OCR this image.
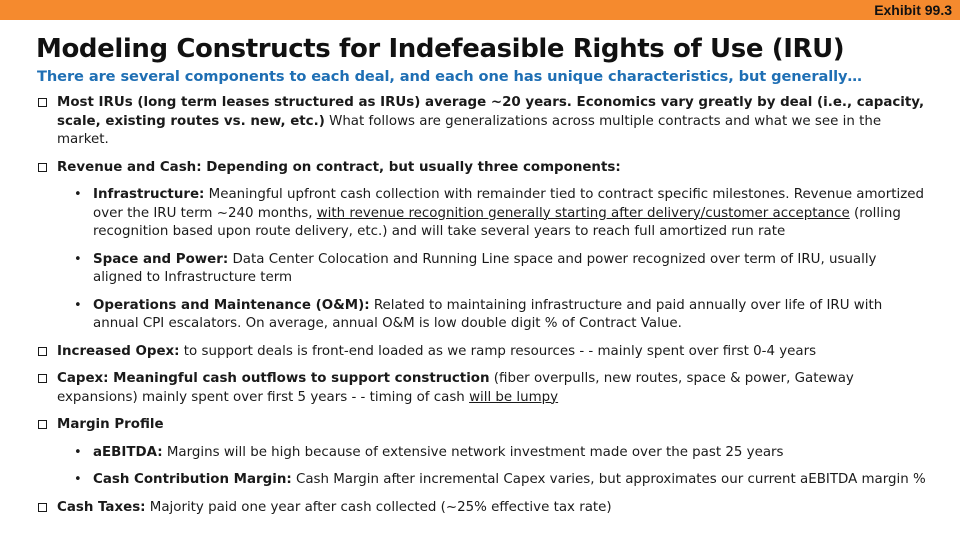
Exhibit 99.3
Modeling Constructs for Indefeasible Rights of Use (IRU)

There are several components to each deal, and each one has unique characteristics, but generally…

Most IRUs (long term leases structured as IRUs) average ~20 years. Economics vary greatly by deal (i.e., capacity, scale, existing routes vs. new, etc.) What follows are generalizations across multiple contracts and what we see in the market.
Revenue and Cash: Depending on contract, but usually three components:
• Infrastructure: Meaningful upfront cash collection with remainder tied to contract specific milestones. Revenue amortized over the IRU term ~240 months, with revenue recognition generally starting after delivery/customer acceptance (rolling recognition based upon route delivery, etc.) and will take several years to reach full amortized run rate
• Space and Power: Data Center Colocation and Running Line space and power recognized over term of IRU, usually aligned to Infrastructure term
• Operations and Maintenance (O&M): Related to maintaining infrastructure and paid annually over life of IRU with annual CPI escalators. On average, annual O&M is low double digit % of Contract Value.
Increased Opex: to support deals is front-end loaded as we ramp resources - - mainly spent over first 0-4 years
Capex: Meaningful cash outflows to support construction (fiber overpulls, new routes, space & power, Gateway expansions) mainly spent over first 5 years - - timing of cash will be lumpy
Margin Profile
• aEBITDA: Margins will be high because of extensive network investment made over the past 25 years
• Cash Contribution Margin: Cash Margin after incremental Capex varies, but approximates our current aEBITDA margin %
Cash Taxes: Majority paid one year after cash collected (~25% effective tax rate)
